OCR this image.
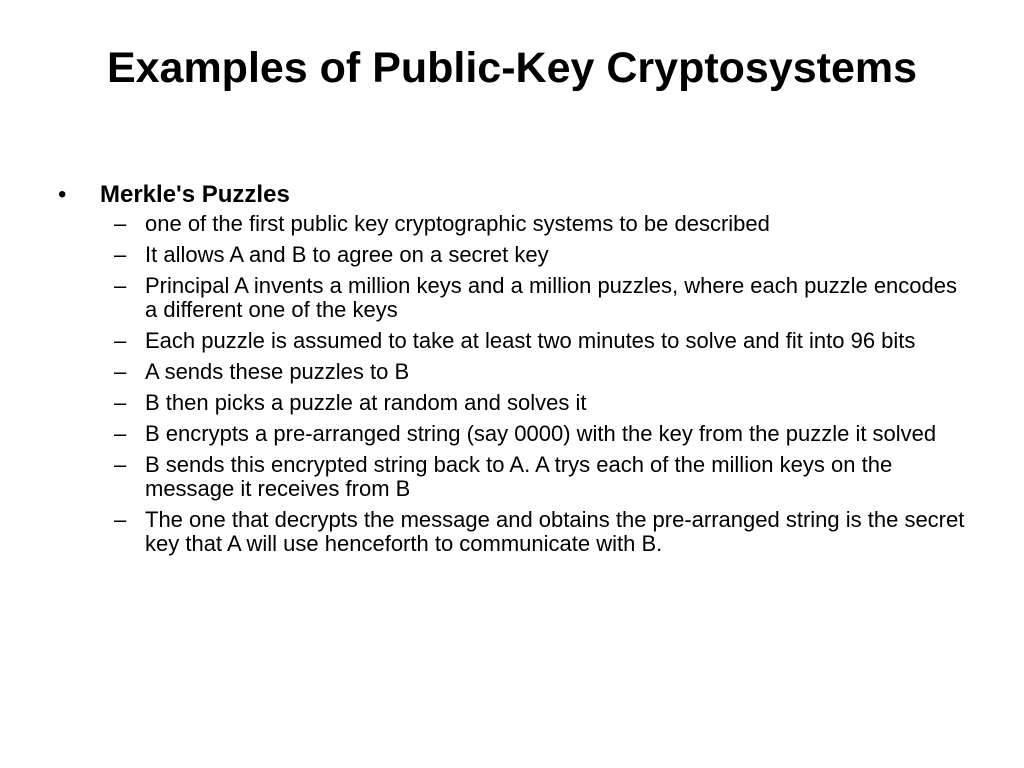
Examples of Public-Key Cryptosystems
• Merkle's Puzzles
– one of the first public key cryptographic systems to be described
– It allows A and B to agree on a secret key
– Principal A invents a million keys and a million puzzles, where each puzzle encodes a different one of the keys
– Each puzzle is assumed to take at least two minutes to solve and fit into 96 bits
– A sends these puzzles to B
– B then picks a puzzle at random and solves it
– B encrypts a pre-arranged string (say 0000) with the key from the puzzle it solved
– B sends this encrypted string back to A. A trys each of the million keys on the message it receives from B
– The one that decrypts the message and obtains the pre-arranged string is the secret key that A will use henceforth to communicate with B.
